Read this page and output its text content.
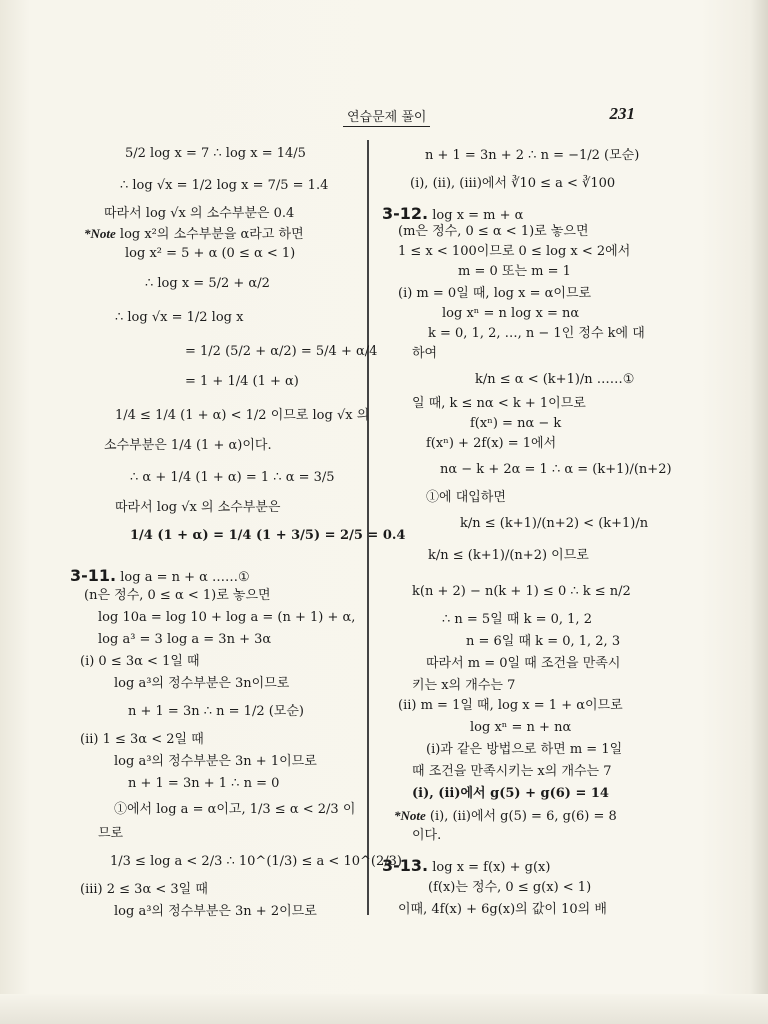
연습문제 풀이	231
5/2 log x = 7 ∴ log x = 14/5
∴ log √x = 1/2 log x = 7/5 = 1.4
따라서 log √x 의 소수부분은 0.4
*Note log x²의 소수부분을 α라고 하면
log x² = 5 + α (0 ≤ α < 1)
∴ log x = 5/2 + α/2
∴ log √x = 1/2 log x
= 1/2 (5/2 + α/2) = 5/4 + α/4
= 1 + 1/4 (1 + α)
1/4 ≤ 1/4 (1 + α) < 1/2 이므로 log √x 의
소수부분은 1/4 (1 + α)이다.
∴ α + 1/4 (1 + α) = 1 ∴ α = 3/5
따라서 log √x 의 소수부분은
1/4 (1 + α) = 1/4 (1 + 3/5) = 2/5 = 0.4
3-11. log a = n + α ……①
(n은 정수, 0 ≤ α < 1)로 놓으면
log 10a = log 10 + log a = (n + 1) + α,
log a³ = 3 log a = 3n + 3α
(i) 0 ≤ 3α < 1일 때
log a³의 정수부분은 3n이므로
n + 1 = 3n ∴ n = 1/2 (모순)
(ii) 1 ≤ 3α < 2일 때
log a³의 정수부분은 3n + 1이므로
n + 1 = 3n + 1 ∴ n = 0
①에서 log a = α이고, 1/3 ≤ α < 2/3 이
므로
1/3 ≤ log a < 2/3 ∴ 10^(1/3) ≤ a < 10^(2/3)
(iii) 2 ≤ 3α < 3일 때
log a³의 정수부분은 3n + 2이므로
n + 1 = 3n + 2 ∴ n = −1/2 (모순)
(i), (ii), (iii)에서 ∛10 ≤ a < ∛100
3-12. log x = m + α
(m은 정수, 0 ≤ α < 1)로 놓으면
1 ≤ x < 100이므로 0 ≤ log x < 2에서
m = 0 또는 m = 1
(i) m = 0일 때, log x = α이므로
log xⁿ = n log x = nα
k = 0, 1, 2, …, n − 1인 정수 k에 대
하여
k/n ≤ α < (k+1)/n ……①
일 때, k ≤ nα < k + 1이므로
f(xⁿ) = nα − k
f(xⁿ) + 2f(x) = 1에서
nα − k + 2α = 1 ∴ α = (k+1)/(n+2)
①에 대입하면
k/n ≤ (k+1)/(n+2) < (k+1)/n
k/n ≤ (k+1)/(n+2) 이므로
k(n + 2) − n(k + 1) ≤ 0 ∴ k ≤ n/2
∴ n = 5일 때 k = 0, 1, 2
n = 6일 때 k = 0, 1, 2, 3
따라서 m = 0일 때 조건을 만족시
키는 x의 개수는 7
(ii) m = 1일 때, log x = 1 + α이므로
log xⁿ = n + nα
(i)과 같은 방법으로 하면 m = 1일
때 조건을 만족시키는 x의 개수는 7
(i), (ii)에서 g(5) + g(6) = 14
*Note (i), (ii)에서 g(5) = 6, g(6) = 8
이다.
3-13. log x = f(x) + g(x)
(f(x)는 정수, 0 ≤ g(x) < 1)
이때, 4f(x) + 6g(x)의 값이 10의 배
